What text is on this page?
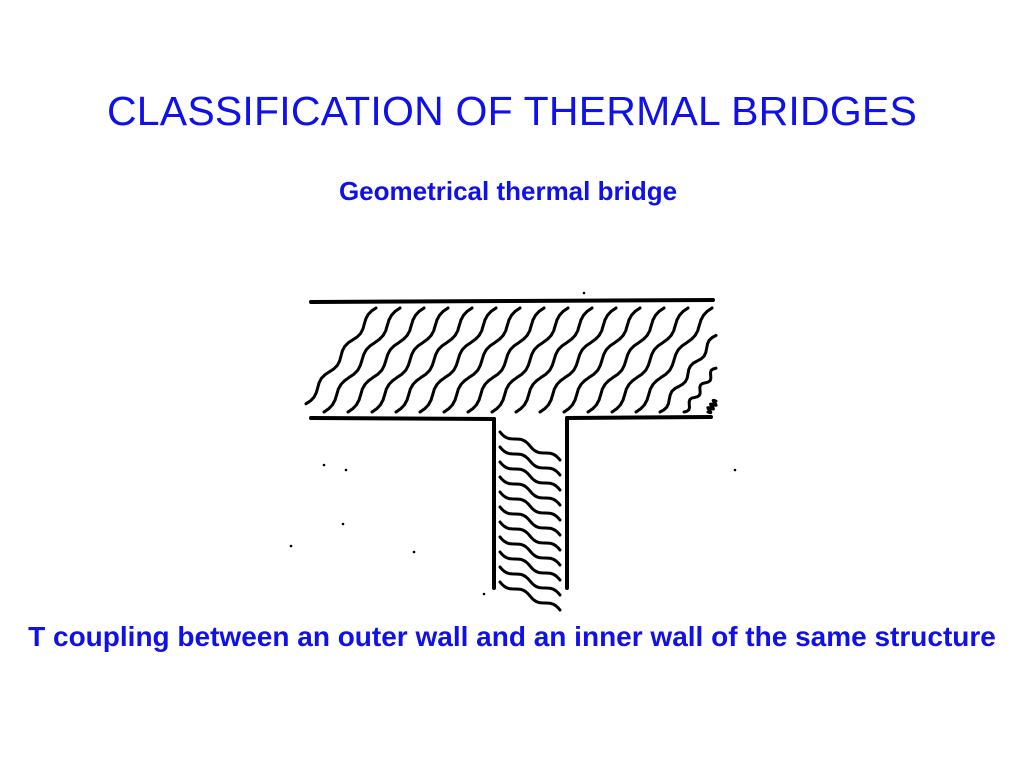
CLASSIFICATION OF THERMAL BRIDGES
Geometrical thermal bridge

T coupling between an outer wall and an inner wall of the same structure
